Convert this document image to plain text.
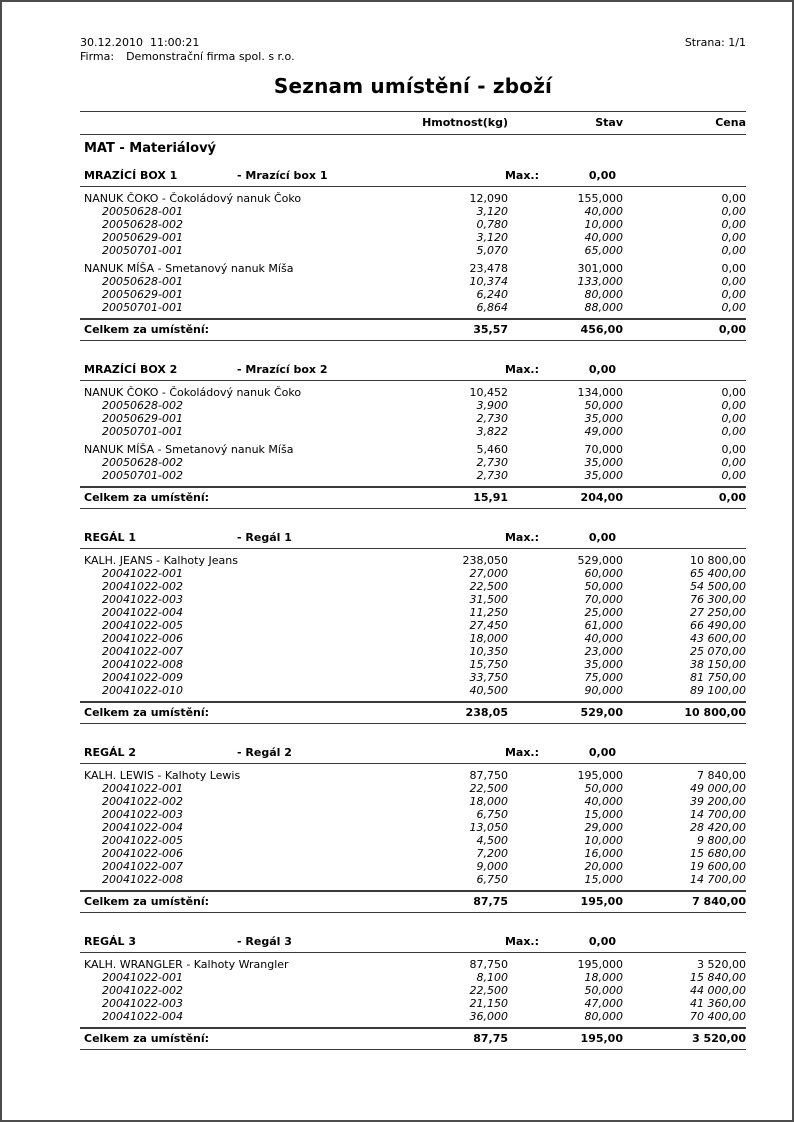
30.12.2010  11:00:21
Firma: Demonstrační firma spol. s r.o.
Strana: 1/1
Seznam umístění - zboží
Hmotnost(kg)	Stav	Cena
MAT - Materiálový
MRAZÍCÍ BOX 1	- Mrazící box 1	Max.:	0,00
NANUK ČOKO - Čokoládový nanuk Čoko	12,090	155,000	0,00
20050628-001	3,120	40,000	0,00
20050628-002	0,780	10,000	0,00
20050629-001	3,120	40,000	0,00
20050701-001	5,070	65,000	0,00
NANUK MÍŠA - Smetanový nanuk Míša	23,478	301,000	0,00
20050628-001	10,374	133,000	0,00
20050629-001	6,240	80,000	0,00
20050701-001	6,864	88,000	0,00
Celkem za umístění:	35,57	456,00	0,00
MRAZÍCÍ BOX 2	- Mrazící box 2	Max.:	0,00
NANUK ČOKO - Čokoládový nanuk Čoko	10,452	134,000	0,00
20050628-002	3,900	50,000	0,00
20050629-001	2,730	35,000	0,00
20050701-001	3,822	49,000	0,00
NANUK MÍŠA - Smetanový nanuk Míša	5,460	70,000	0,00
20050628-002	2,730	35,000	0,00
20050701-002	2,730	35,000	0,00
Celkem za umístění:	15,91	204,00	0,00
REGÁL 1	- Regál 1	Max.:	0,00
KALH. JEANS - Kalhoty Jeans	238,050	529,000	10 800,00
20041022-001	27,000	60,000	65 400,00
20041022-002	22,500	50,000	54 500,00
20041022-003	31,500	70,000	76 300,00
20041022-004	11,250	25,000	27 250,00
20041022-005	27,450	61,000	66 490,00
20041022-006	18,000	40,000	43 600,00
20041022-007	10,350	23,000	25 070,00
20041022-008	15,750	35,000	38 150,00
20041022-009	33,750	75,000	81 750,00
20041022-010	40,500	90,000	89 100,00
Celkem za umístění:	238,05	529,00	10 800,00
REGÁL 2	- Regál 2	Max.:	0,00
KALH. LEWIS - Kalhoty Lewis	87,750	195,000	7 840,00
20041022-001	22,500	50,000	49 000,00
20041022-002	18,000	40,000	39 200,00
20041022-003	6,750	15,000	14 700,00
20041022-004	13,050	29,000	28 420,00
20041022-005	4,500	10,000	9 800,00
20041022-006	7,200	16,000	15 680,00
20041022-007	9,000	20,000	19 600,00
20041022-008	6,750	15,000	14 700,00
Celkem za umístění:	87,75	195,00	7 840,00
REGÁL 3	- Regál 3	Max.:	0,00
KALH. WRANGLER - Kalhoty Wrangler	87,750	195,000	3 520,00
20041022-001	8,100	18,000	15 840,00
20041022-002	22,500	50,000	44 000,00
20041022-003	21,150	47,000	41 360,00
20041022-004	36,000	80,000	70 400,00
Celkem za umístění:	87,75	195,00	3 520,00
